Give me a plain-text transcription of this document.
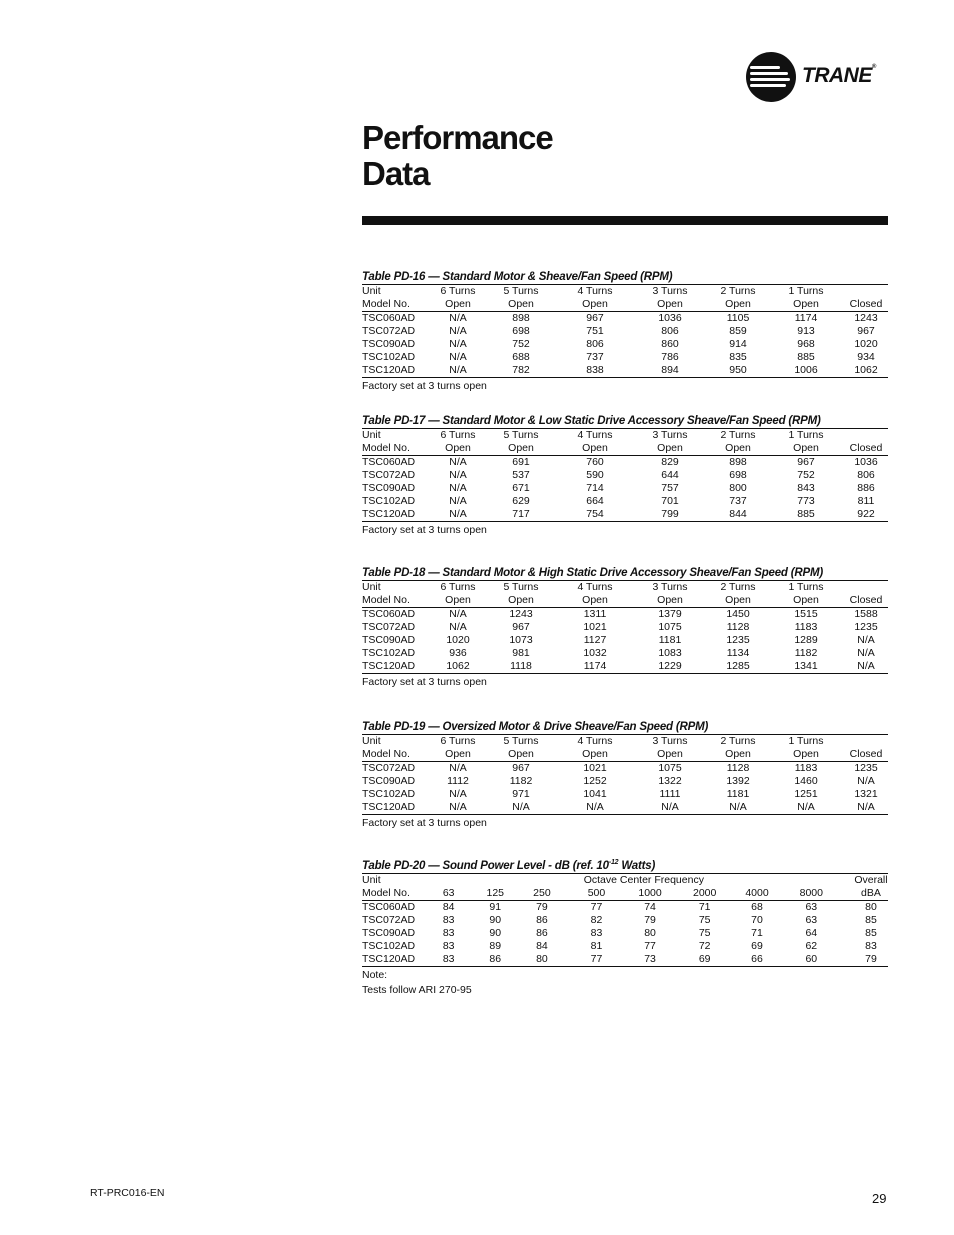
TRANE®
Performance
Data
Table PD-16 — Standard Motor & Sheave/Fan Speed (RPM)
Unit	6 Turns	5 Turns	4 Turns	3 Turns	2 Turns	1 Turns	
Model No.	Open	Open	Open	Open	Open	Open	Closed
TSC060AD	N/A	898	967	1036	1105	1174	1243
TSC072AD	N/A	698	751	806	859	913	967
TSC090AD	N/A	752	806	860	914	968	1020
TSC102AD	N/A	688	737	786	835	885	934
TSC120AD	N/A	782	838	894	950	1006	1062
Factory set at 3 turns open
Table PD-17 — Standard Motor & Low Static Drive Accessory Sheave/Fan Speed (RPM)
Unit	6 Turns	5 Turns	4 Turns	3 Turns	2 Turns	1 Turns	
Model No.	Open	Open	Open	Open	Open	Open	Closed
TSC060AD	N/A	691	760	829	898	967	1036
TSC072AD	N/A	537	590	644	698	752	806
TSC090AD	N/A	671	714	757	800	843	886
TSC102AD	N/A	629	664	701	737	773	811
TSC120AD	N/A	717	754	799	844	885	922
Factory set at 3 turns open
Table PD-18 — Standard Motor & High Static Drive Accessory Sheave/Fan Speed (RPM)
Unit	6 Turns	5 Turns	4 Turns	3 Turns	2 Turns	1 Turns	
Model No.	Open	Open	Open	Open	Open	Open	Closed
TSC060AD	N/A	1243	1311	1379	1450	1515	1588
TSC072AD	N/A	967	1021	1075	1128	1183	1235
TSC090AD	1020	1073	1127	1181	1235	1289	N/A
TSC102AD	936	981	1032	1083	1134	1182	N/A
TSC120AD	1062	1118	1174	1229	1285	1341	N/A
Factory set at 3 turns open
Table PD-19 — Oversized Motor & Drive Sheave/Fan Speed (RPM)
Unit	6 Turns	5 Turns	4 Turns	3 Turns	2 Turns	1 Turns	
Model No.	Open	Open	Open	Open	Open	Open	Closed
TSC072AD	N/A	967	1021	1075	1128	1183	1235
TSC090AD	1112	1182	1252	1322	1392	1460	N/A
TSC102AD	N/A	971	1041	1111	1181	1251	1321
TSC120AD	N/A	N/A	N/A	N/A	N/A	N/A	N/A
Factory set at 3 turns open
Table PD-20 — Sound Power Level - dB (ref. $10^{-12}$ Watts)
Unit	Octave Center Frequency								Overall
Model No.	63	125	250	500	1000	2000	4000	8000	dBA
TSC060AD	84	91	79	77	74	71	68	63	80
TSC072AD	83	90	86	82	79	75	70	63	85
TSC090AD	83	90	86	83	80	75	71	64	85
TSC102AD	83	89	84	81	77	72	69	62	83
TSC120AD	83	86	80	77	73	69	66	60	79
Note:
Tests follow ARI 270-95
RT-PRC016-EN	29
